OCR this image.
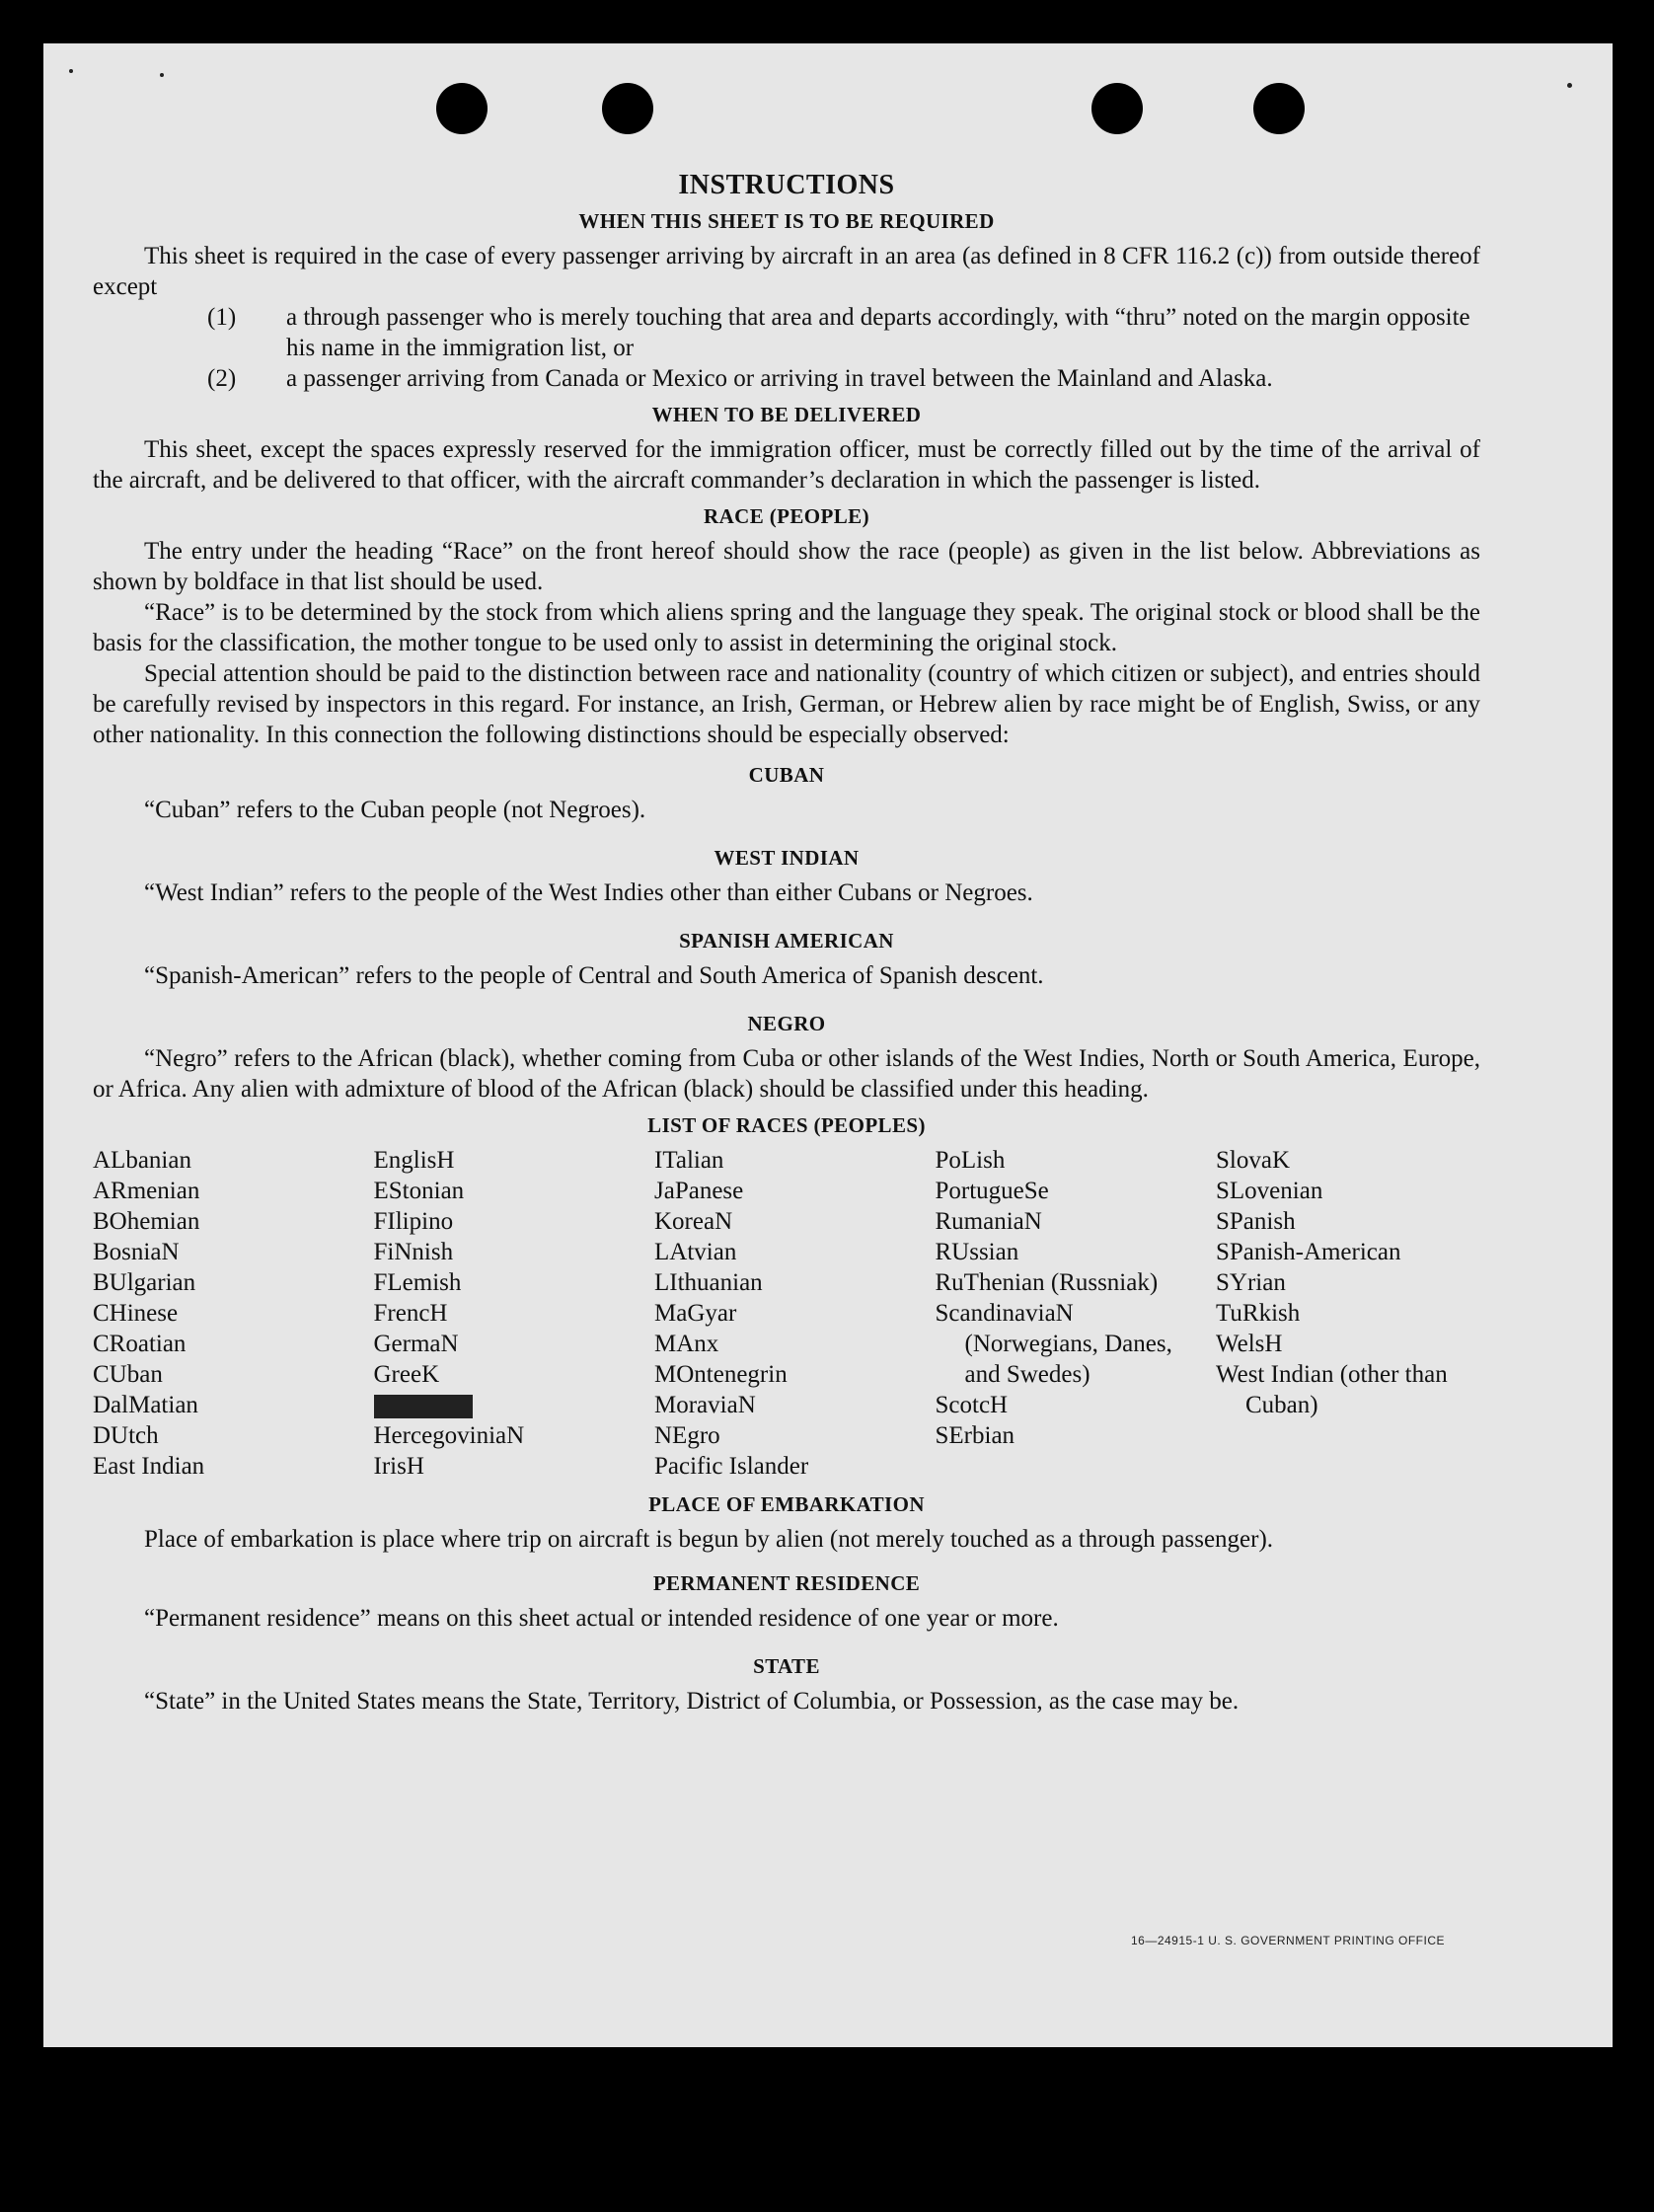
INSTRUCTIONS
WHEN THIS SHEET IS TO BE REQUIRED

This sheet is required in the case of every passenger arriving by aircraft in an area (as defined in 8 CFR 116.2 (c)) from outside thereof except

(1) a through passenger who is merely touching that area and departs accordingly, with “thru” noted on the margin opposite his name in the immigration list, or
(2) a passenger arriving from Canada or Mexico or arriving in travel between the Mainland and Alaska.
WHEN TO BE DELIVERED

This sheet, except the spaces expressly reserved for the immigration officer, must be correctly filled out by the time of the arrival of the aircraft, and be delivered to that officer, with the aircraft commander’s declaration in which the passenger is listed.

RACE (PEOPLE)

The entry under the heading “Race” on the front hereof should show the race (people) as given in the list below. Abbreviations as shown by boldface in that list should be used.

“Race” is to be determined by the stock from which aliens spring and the language they speak. The original stock or blood shall be the basis for the classification, the mother tongue to be used only to assist in determining the original stock.

Special attention should be paid to the distinction between race and nationality (country of which citizen or subject), and entries should be carefully revised by inspectors in this regard. For instance, an Irish, German, or Hebrew alien by race might be of English, Swiss, or any other nationality. In this connection the following distinctions should be especially observed:

CUBAN

“Cuban” refers to the Cuban people (not Negroes).

WEST INDIAN

“West Indian” refers to the people of the West Indies other than either Cubans or Negroes.

SPANISH AMERICAN

“Spanish-American” refers to the people of Central and South America of Spanish descent.

NEGRO

“Negro” refers to the African (black), whether coming from Cuba or other islands of the West Indies, North or South America, Europe, or Africa. Any alien with admixture of blood of the African (black) should be classified under this heading.

LIST OF RACES (PEOPLES)
ALbanian
ARmenian
BOhemian
BosniaN
BUlgarian
CHinese
CRoatian
CUban
DalMatian
DUtch
East Indian
EnglisH
EStonian
FIlipino
FiNnish
FLemish
FrencH
GermaN
GreeK
HercegoviniaN
IrisH
ITalian
JaPanese
KoreaN
LAtvian
LIthuanian
MaGyar
MAnx
MOntenegrin
MoraviaN
NEgro
Pacific Islander
PoLish
PortugueSe
RumaniaN
RUssian
RuThenian (Russniak)
ScandinaviaN (Norwegians, Danes, and Swedes)
ScotcH
SErbian
SlovaK
SLovenian
SPanish
SPanish-American
SYrian
TuRkish
WelsH
West Indian (other than Cuban)
PLACE OF EMBARKATION

Place of embarkation is place where trip on aircraft is begun by alien (not merely touched as a through passenger).

PERMANENT RESIDENCE

“Permanent residence” means on this sheet actual or intended residence of one year or more.

STATE

“State” in the United States means the State, Territory, District of Columbia, or Possession, as the case may be.

16—24915-1 U. S. GOVERNMENT PRINTING OFFICE
